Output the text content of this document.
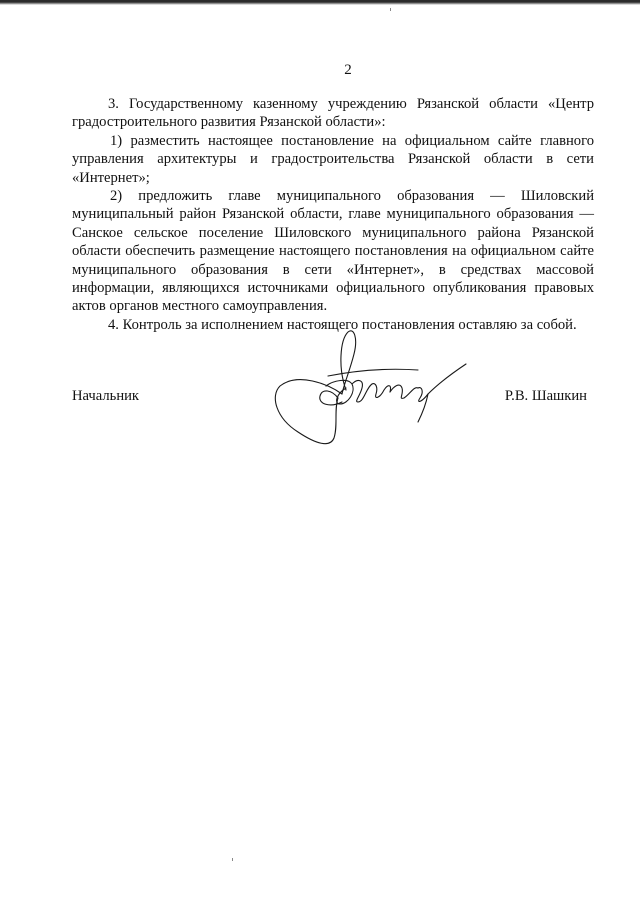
2

3. Государственному казенному учреждению Рязанской области «Центр градостроительного развития Рязанской области»:

1) разместить настоящее постановление на официальном сайте главного управления архитектуры и градостроительства Рязанской области в сети «Интернет»;

2) предложить главе муниципального образования — Шиловский муниципальный район Рязанской области, главе муниципального образования — Санское сельское поселение Шиловского муниципального района Рязанской области обеспечить размещение настоящего постановления на официальном сайте муниципального образования в сети «Интернет», в средствах массовой информации, являющихся источниками официального опубликования правовых актов органов местного самоуправления.

4. Контроль за исполнением настоящего постановления оставляю за собой.

Начальник	Р.В. Шашкин
